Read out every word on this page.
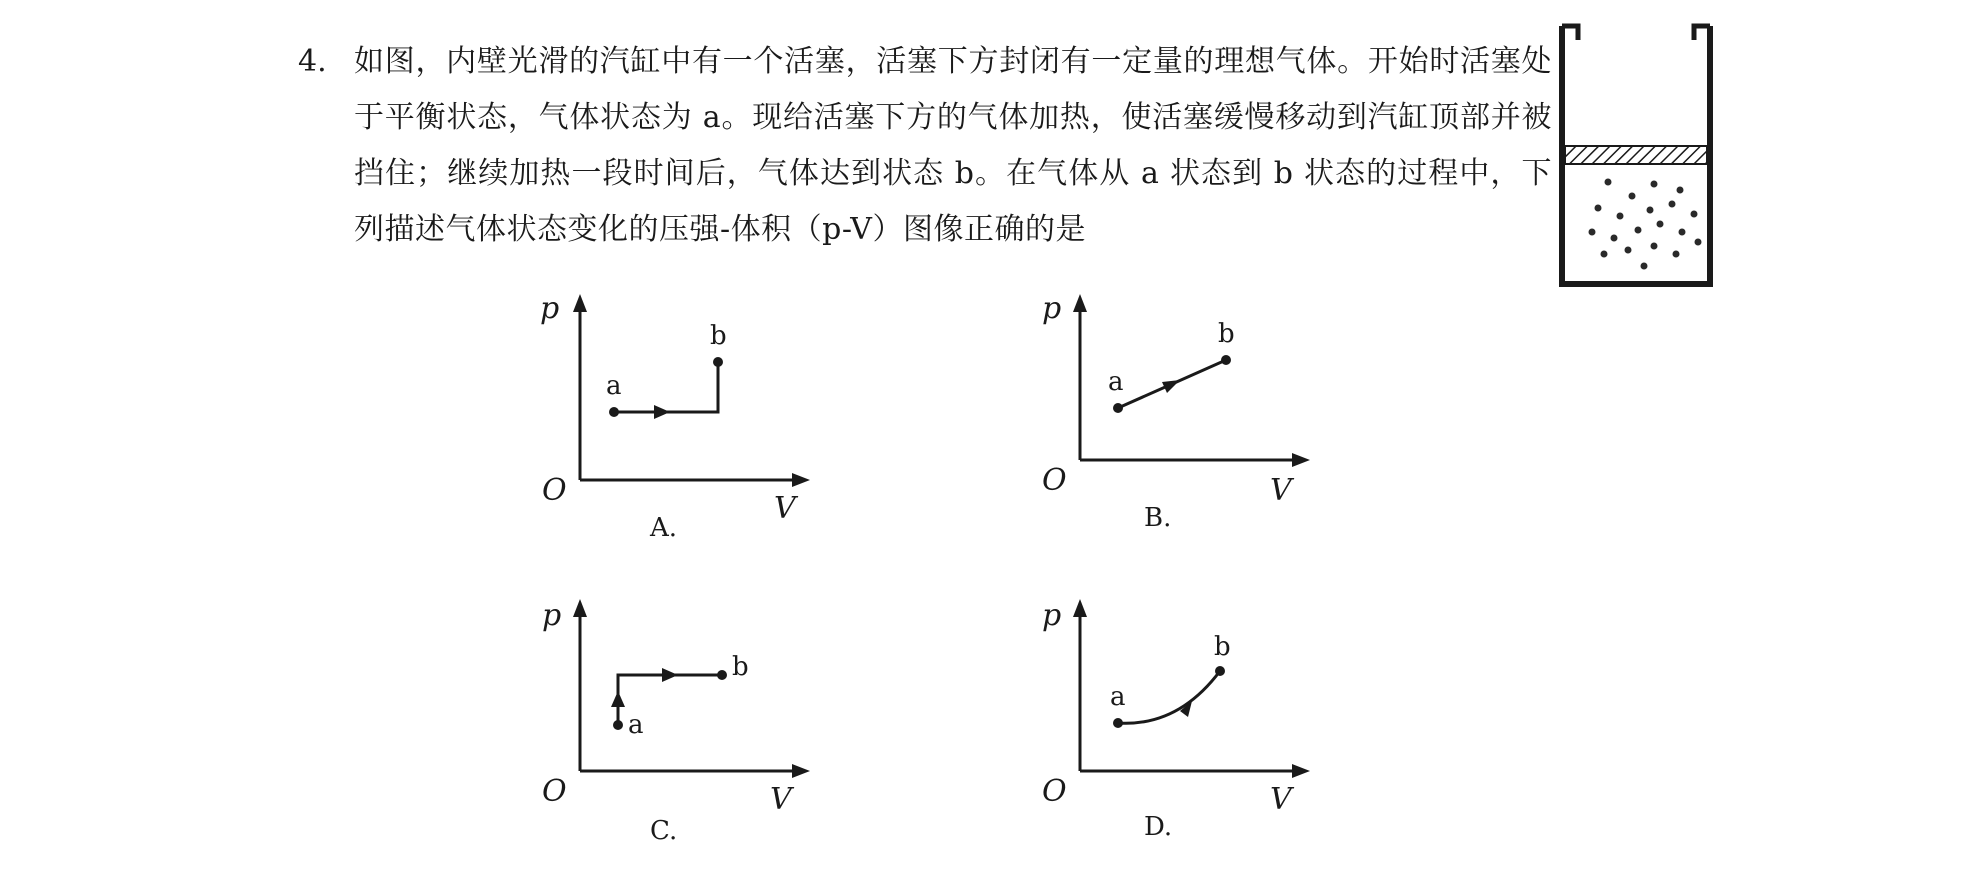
4. 如图，内壁光滑的汽缸中有一个活塞，活塞下方封闭有一定量的理想气体。开始时活塞处于平衡状态，气体状态为 a。现给活塞下方的气体加热，使活塞缓慢移动到汽缸顶部并被挡住；继续加热一段时间后，气体达到状态 b。在气体从 a 状态到 b 状态的过程中，下列描述气体状态变化的压强-体积（p-V）图像正确的是
p
V
O
a
b
A.
p
V
O
a
b
B.
p
V
O
a
b
C.
p
V
O
a
b
D.
